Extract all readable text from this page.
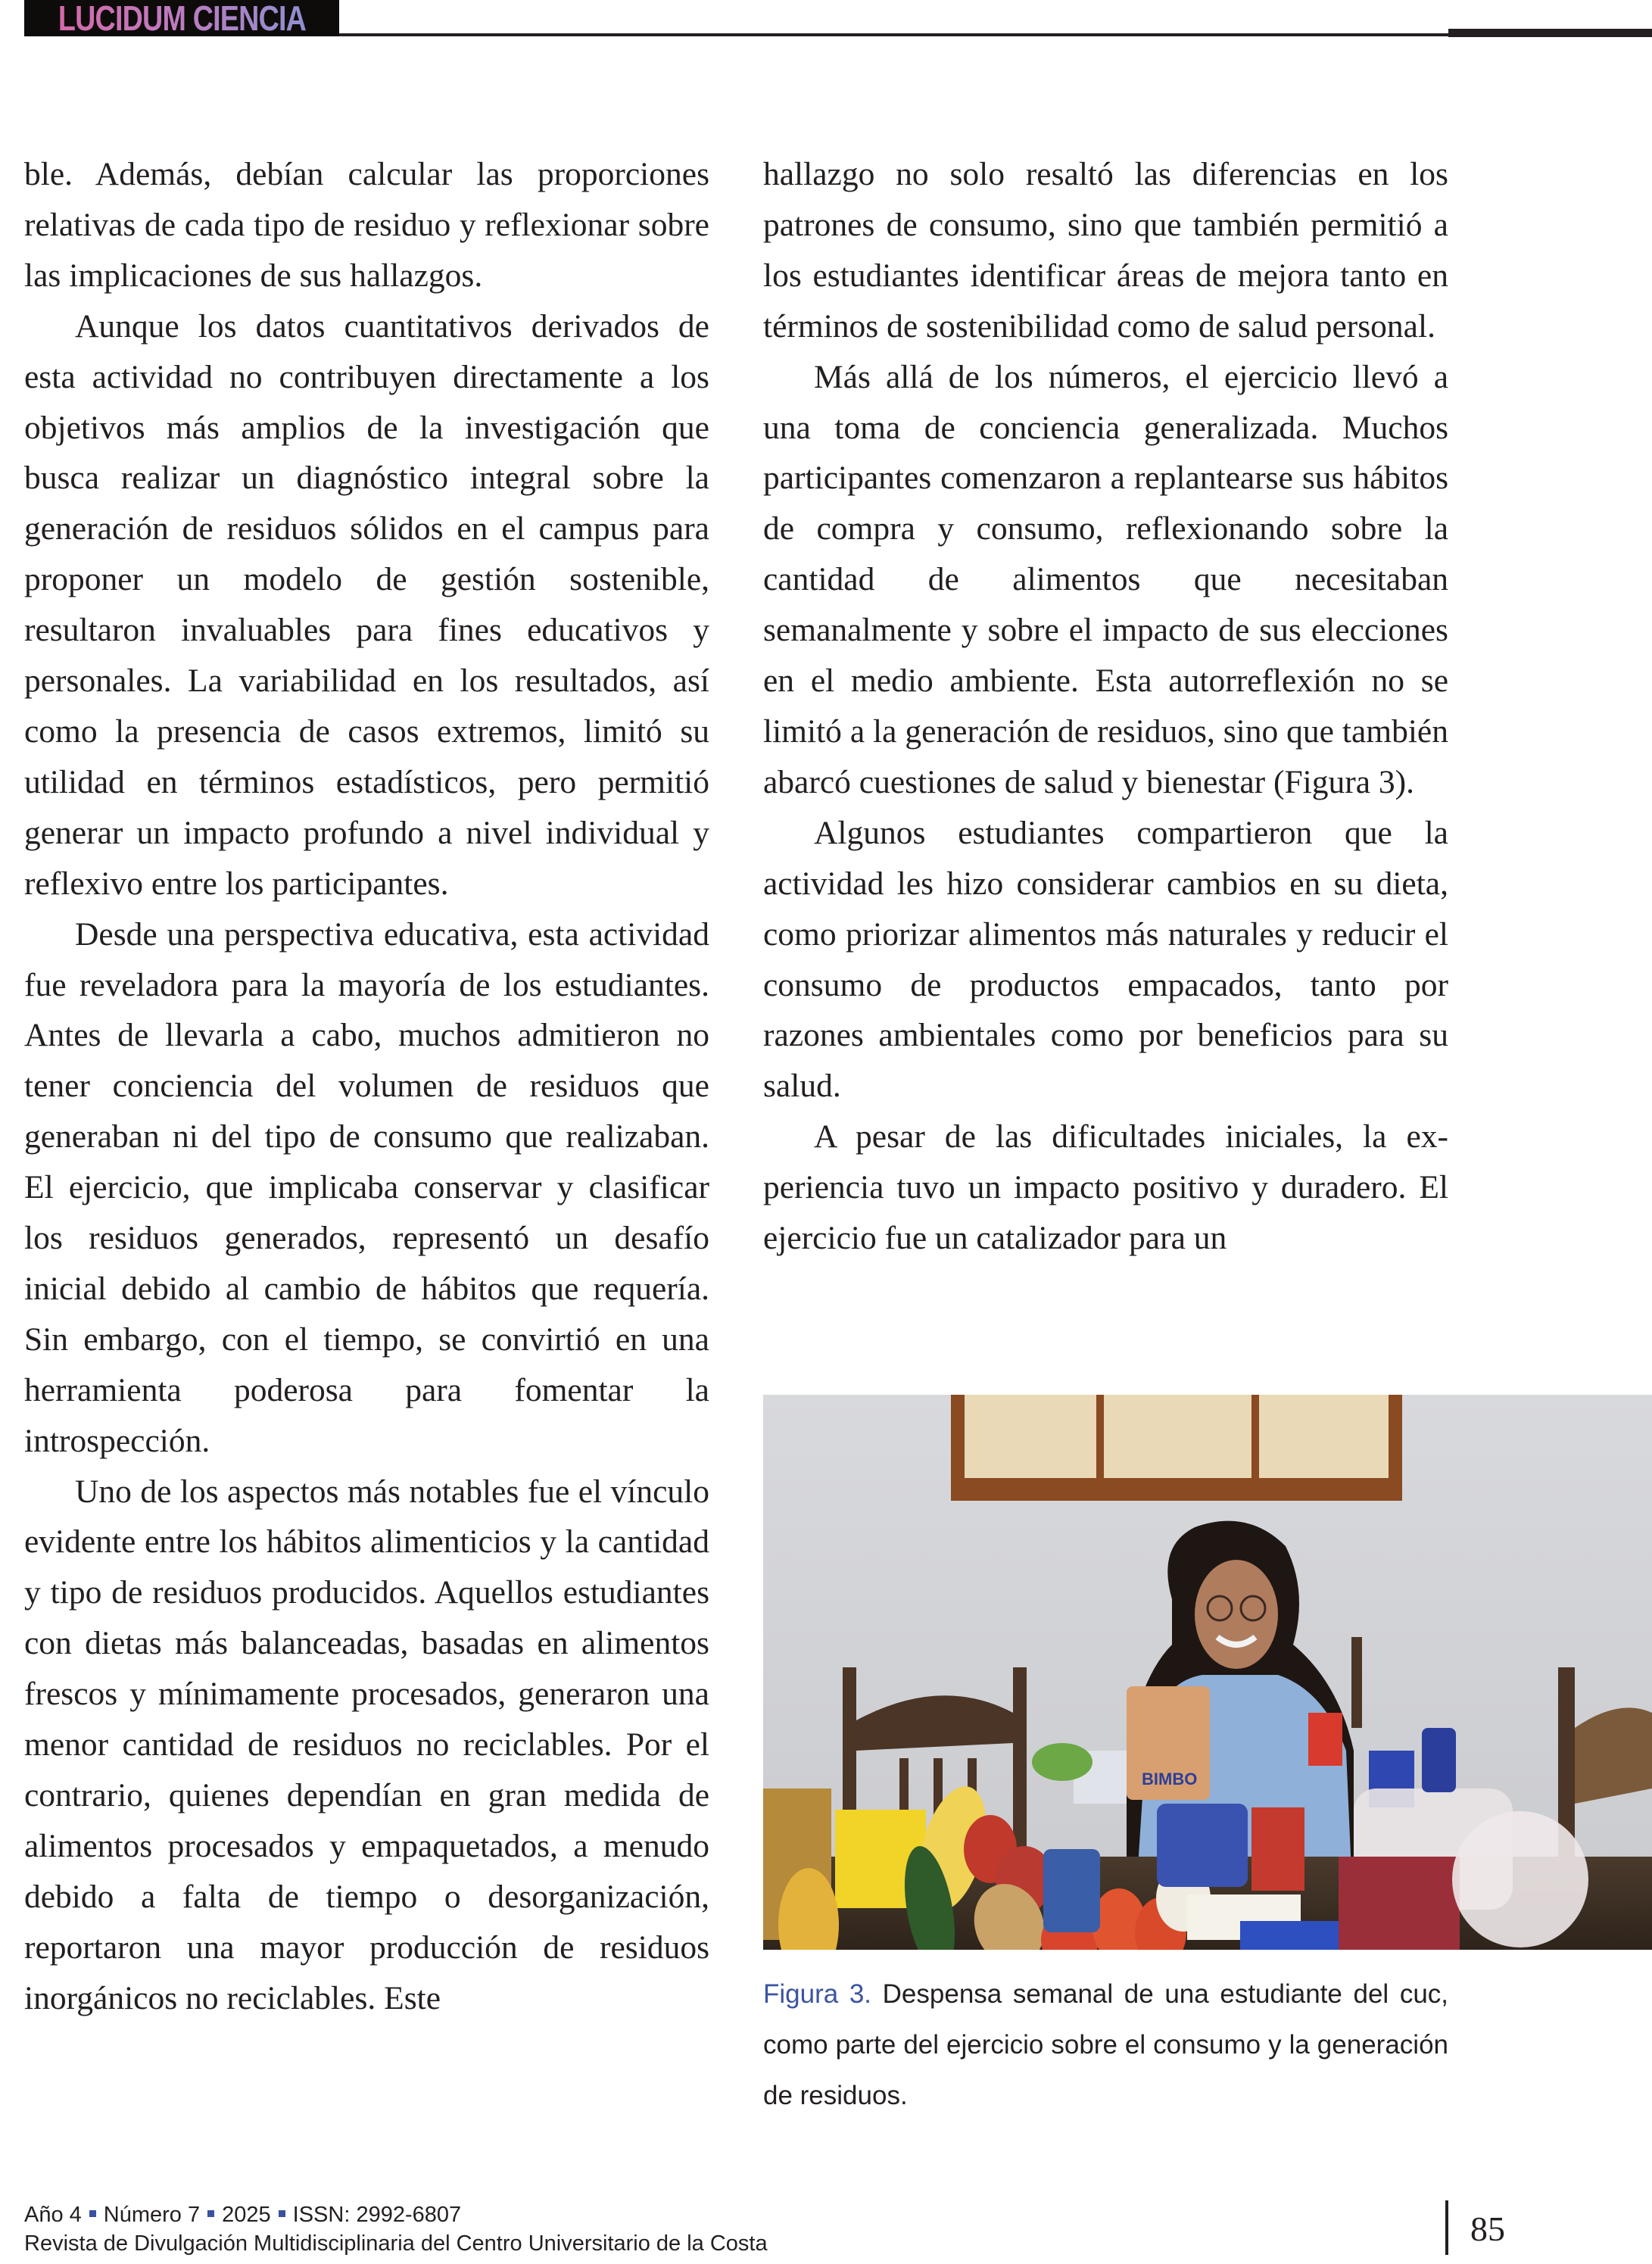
LUCIDUM CIENCIA

ble. Además, debían calcular las proporciones relativas de cada tipo de residuo y reflexionar sobre las implicaciones de sus hallazgos.

Aunque los datos cuantitativos derivados de esta actividad no contribuyen directamente a los objetivos más amplios de la investigación que busca realizar un diagnóstico integral sobre la generación de residuos sólidos en el campus para proponer un modelo de gestión sostenible, resultaron invaluables para fines educativos y personales. La variabilidad en los resultados, así como la presencia de casos extremos, limitó su utilidad en términos estadísticos, pero permitió generar un impacto profundo a nivel individual y reflexivo entre los participantes.

Desde una perspectiva educativa, esta actividad fue reveladora para la mayoría de los estudiantes. Antes de llevarla a cabo, muchos admitieron no tener conciencia del volumen de residuos que generaban ni del tipo de consumo que realizaban. El ejercicio, que implicaba conservar y clasificar los residuos generados, representó un desafío inicial debido al cambio de hábitos que requería. Sin embargo, con el tiempo, se convirtió en una herramienta poderosa para fomentar la introspección.

Uno de los aspectos más notables fue el vínculo evidente entre los hábitos alimenticios y la cantidad y tipo de residuos producidos. Aquellos estudiantes con dietas más balanceadas, basadas en alimentos frescos y mínimamente procesados, generaron una menor cantidad de residuos no reciclables. Por el contrario, quienes dependían en gran medida de alimentos procesados y empaquetados, a menudo debido a falta de tiempo o desorganización, reportaron una mayor producción de residuos inorgánicos no reciclables. Este

hallazgo no solo resaltó las diferencias en los patrones de consumo, sino que también permitió a los estudiantes identificar áreas de mejora tanto en términos de sostenibilidad como de salud personal.

Más allá de los números, el ejercicio llevó a una toma de conciencia generalizada. Muchos participantes comenzaron a replantearse sus hábitos de compra y consumo, reflexionando sobre la cantidad de alimentos que necesitaban semanalmente y sobre el impacto de sus elecciones en el medio ambiente. Esta autorreflexión no se limitó a la generación de residuos, sino que también abarcó cuestiones de salud y bienestar (Figura 3).

Algunos estudiantes compartieron que la actividad les hizo considerar cambios en su dieta, como priorizar alimentos más naturales y reducir el consumo de productos empacados, tanto por razones ambientales como por beneficios para su salud.

A pesar de las dificultades iniciales, la experiencia tuvo un impacto positivo y duradero. El ejercicio fue un catalizador para un

BIMBO
Figura 3. Despensa semanal de una estudiante del cuc, como parte del ejercicio sobre el consumo y la generación de residuos.
Año 4 Número 7 2025 ISSN: 2992-6807
Revista de Divulgación Multidisciplinaria del Centro Universitario de la Costa	85
